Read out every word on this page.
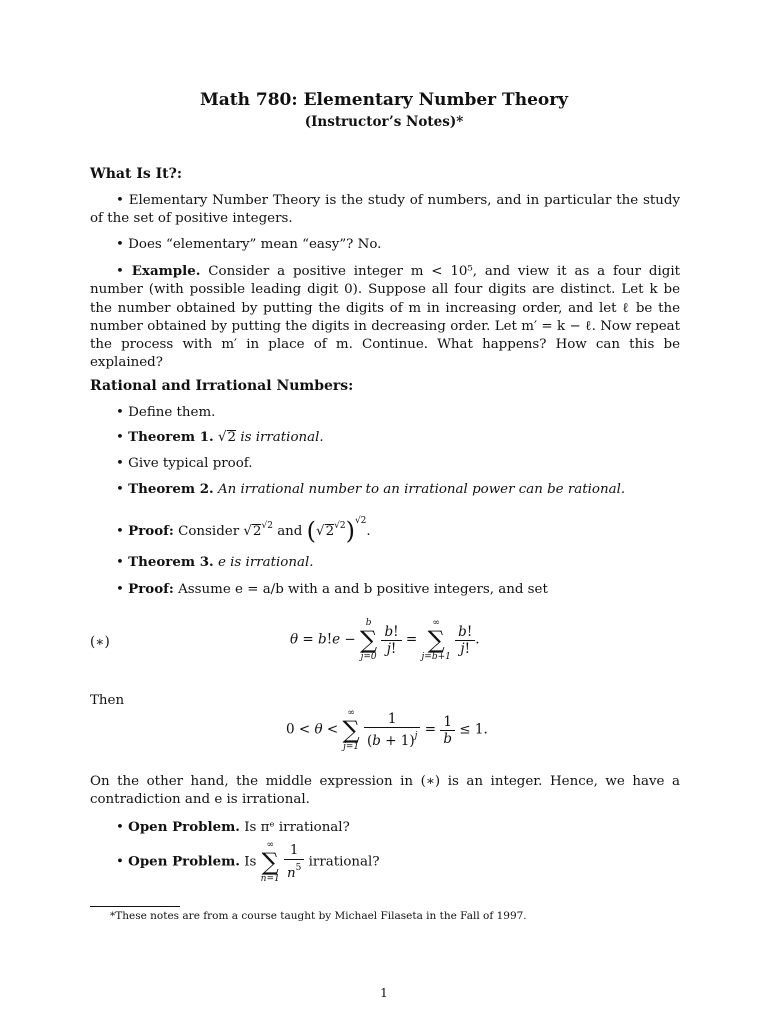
Math 780: Elementary Number Theory
(Instructor’s Notes)*
What Is It?:
• Elementary Number Theory is the study of numbers, and in particular the study of the set of positive integers.
• Does “elementary” mean “easy”? No.
• Example. Consider a positive integer m < 10⁵, and view it as a four digit number (with possible leading digit 0). Suppose all four digits are distinct. Let k be the number obtained by putting the digits of m in increasing order, and let ℓ be the number obtained by putting the digits in decreasing order. Let m′ = k − ℓ. Now repeat the process with m′ in place of m. Continue. What happens? How can this be explained?
Rational and Irrational Numbers:
• Define them.
• Theorem 1. √2 is irrational.
• Give typical proof.
• Theorem 2. An irrational number to an irrational power can be rational.
• Proof: Consider $√2^{√2}$ and $(√2^{√2})^{√2}$.
• Theorem 3. e is irrational.
• Proof: Assume e = a/b with a and b positive integers, and set
(∗)	θ = b!e −
b
∑
j=0

$\frac{b!}{j!}$ =
∞
∑
j=b+1

$\frac{b!}{j!}$ .
Then
0 < θ <
∞
∑
j=1
$\frac{1}{(b + 1)^j} = \frac{1}{b} \le 1$.
On the other hand, the middle expression in (∗) is an integer. Hence, we have a contradiction and e is irrational.
• Open Problem. Is πᵉ irrational?
• Open Problem. Is
∞
∑
n=1
$\frac{1}{n^5}$ irrational?
*These notes are from a course taught by Michael Filaseta in the Fall of 1997.
1
